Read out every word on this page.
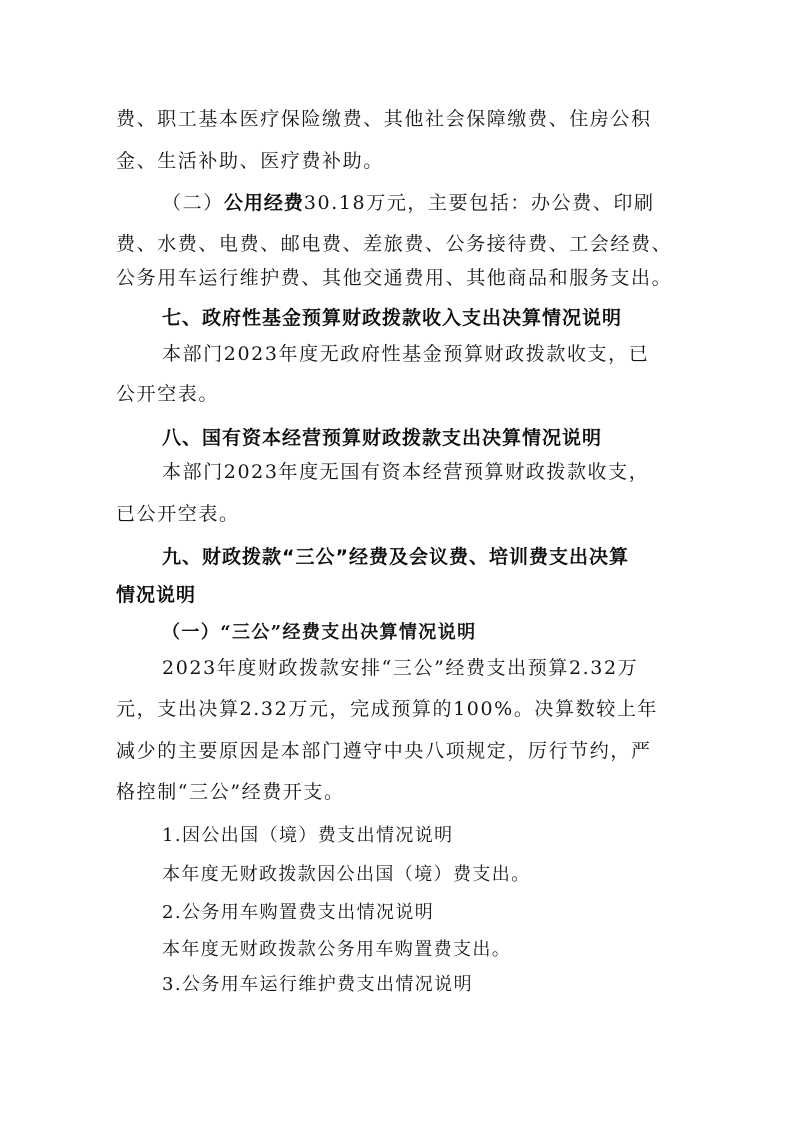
费、职工基本医疗保险缴费、其他社会保障缴费、住房公积
金、生活补助、医疗费补助。
（二）公用经费30.18万元，主要包括：办公费、印刷
费、水费、电费、邮电费、差旅费、公务接待费、工会经费、
公务用车运行维护费、其他交通费用、其他商品和服务支出。
七、政府性基金预算财政拨款收入支出决算情况说明
本部门2023年度无政府性基金预算财政拨款收支，已
公开空表。
八、国有资本经营预算财政拨款支出决算情况说明
本部门2023年度无国有资本经营预算财政拨款收支，
已公开空表。
九、财政拨款“三公”经费及会议费、培训费支出决算
情况说明
（一）“三公”经费支出决算情况说明
2023年度财政拨款安排“三公”经费支出预算2.32万
元，支出决算2.32万元，完成预算的100%。决算数较上年
减少的主要原因是本部门遵守中央八项规定，厉行节约，严
格控制“三公”经费开支。
1.因公出国（境）费支出情况说明
本年度无财政拨款因公出国（境）费支出。
2.公务用车购置费支出情况说明
本年度无财政拨款公务用车购置费支出。
3.公务用车运行维护费支出情况说明
